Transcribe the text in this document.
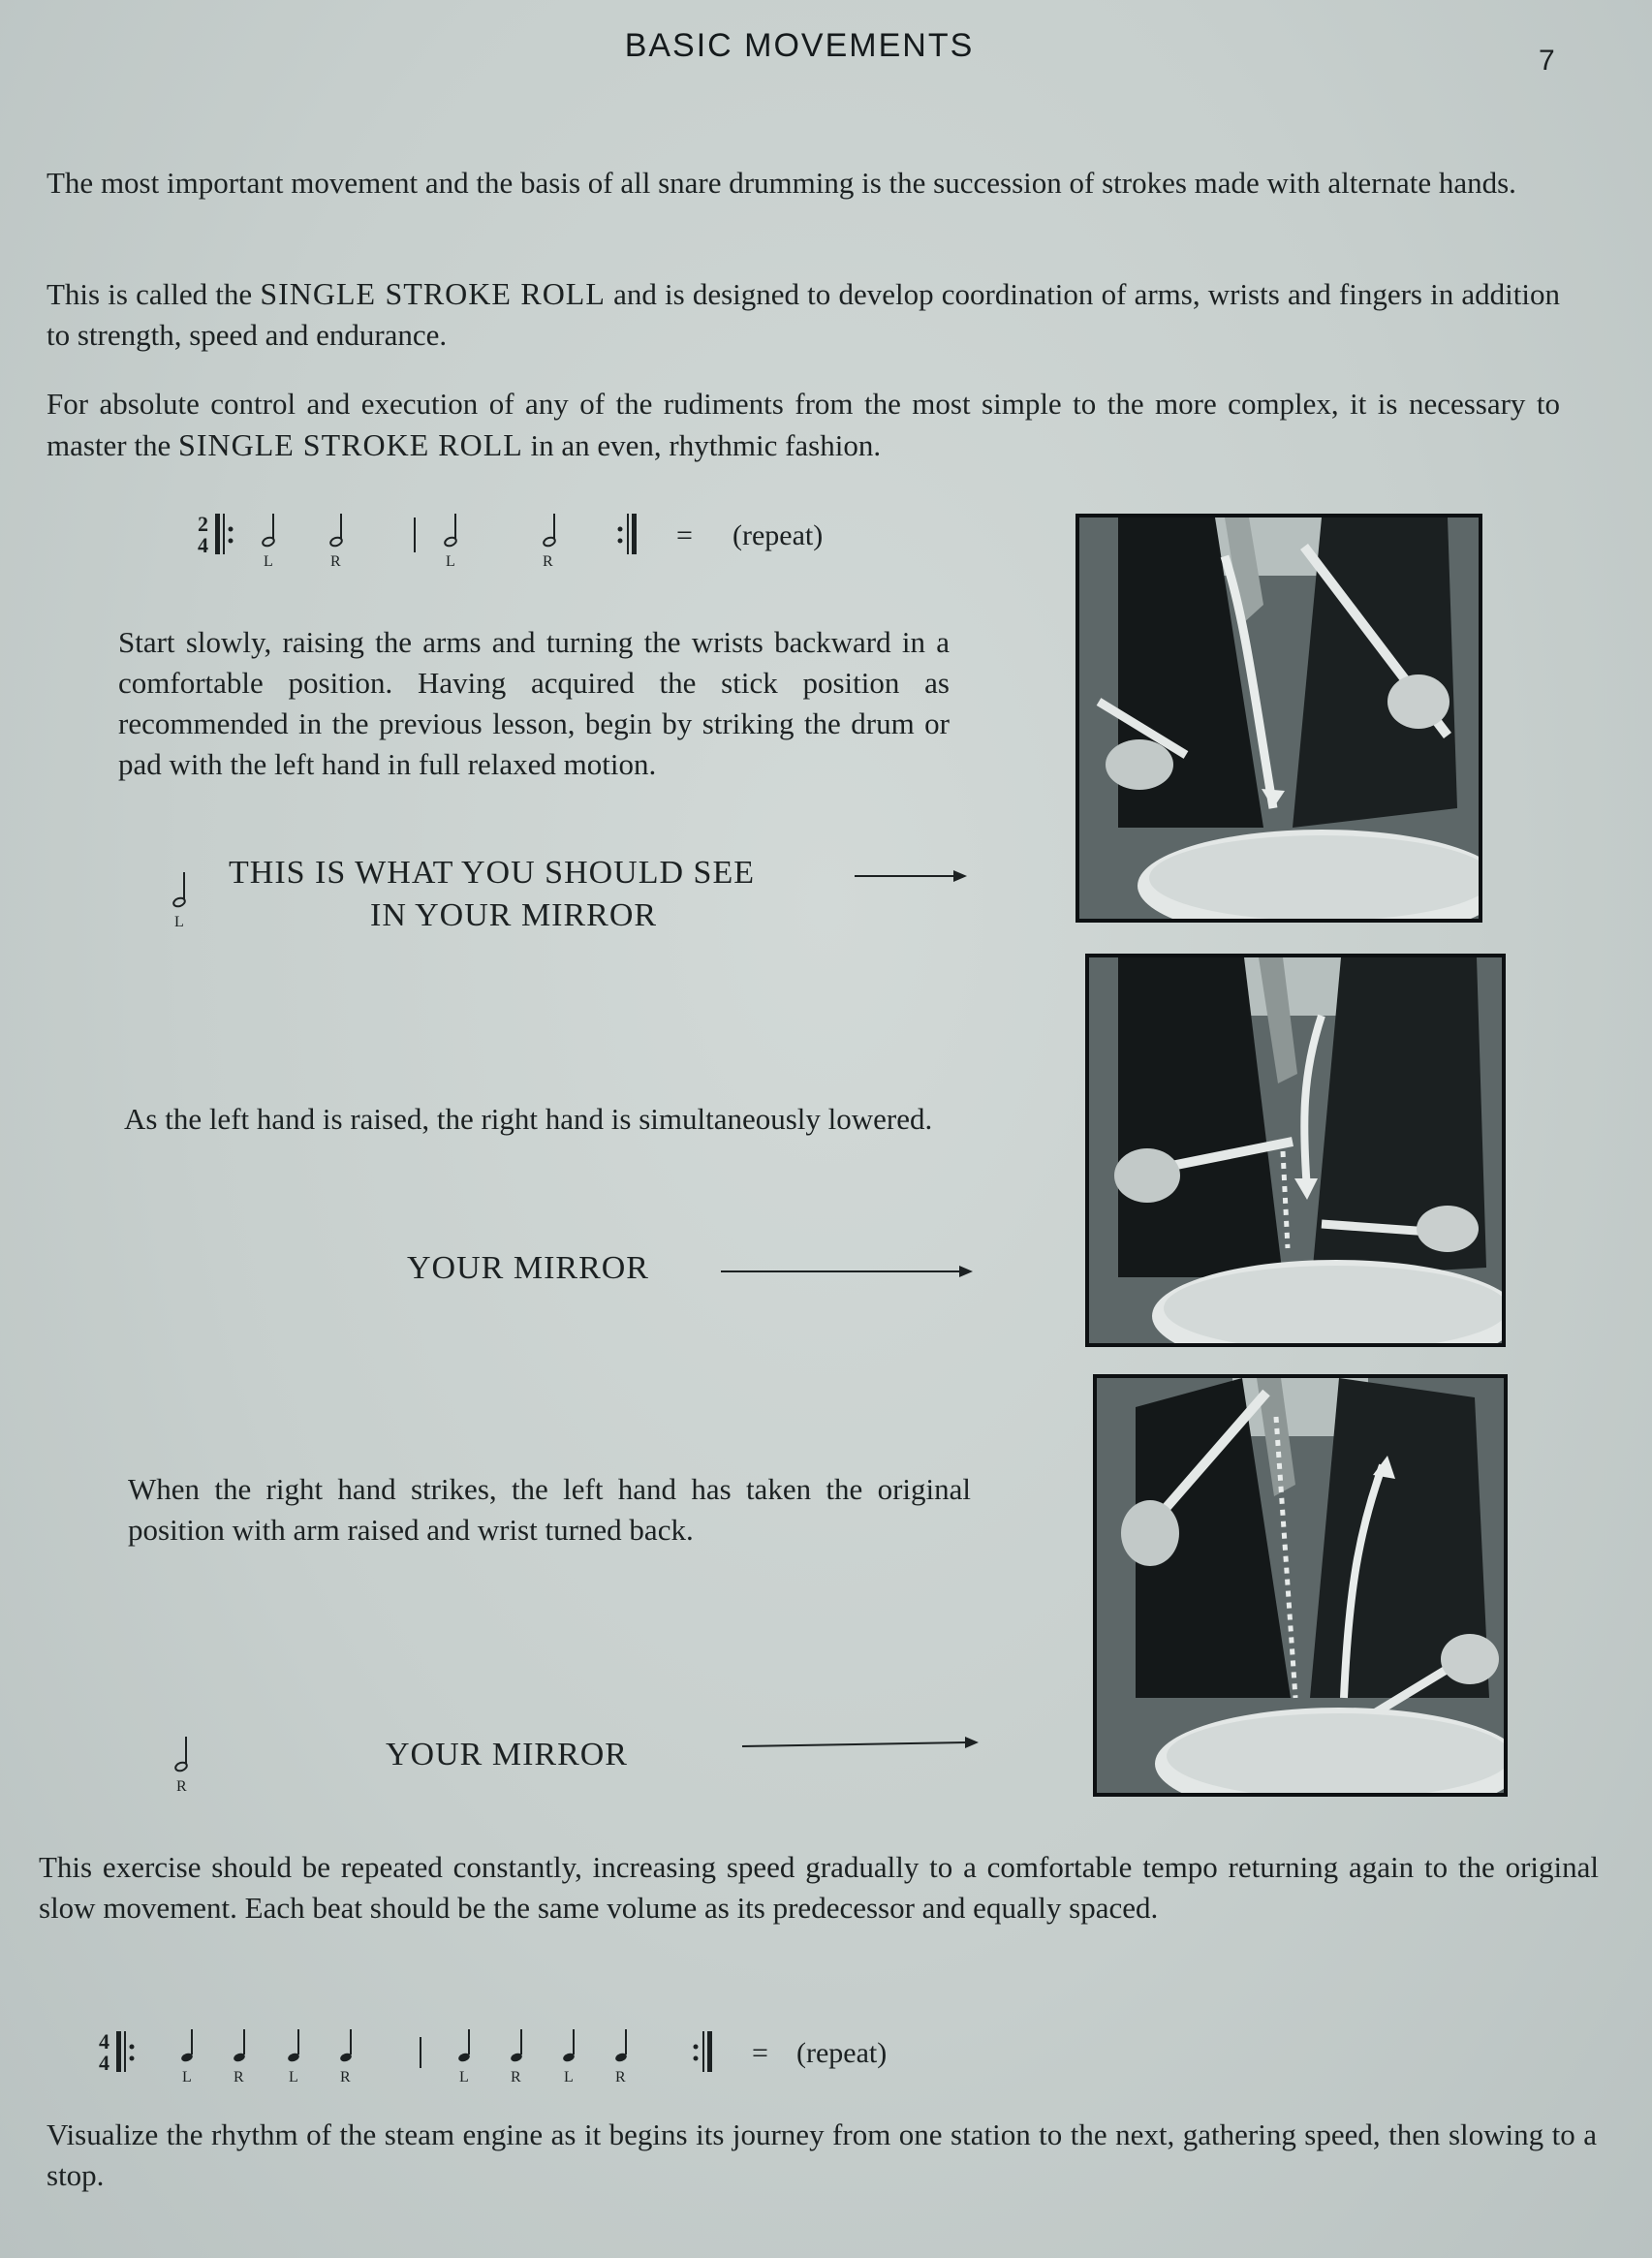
BASIC MOVEMENTS	7
The most important movement and the basis of all snare drumming is the succession of strokes made with alternate hands.
This is called the SINGLE STROKE ROLL and is designed to develop coordination of arms, wrists and fingers in addition to strength, speed and endurance.
For absolute control and execution of any of the rudiments from the most simple to the more complex, it is necessary to master the SINGLE STROKE ROLL in an even, rhythmic fashion.
2
4
L	R	L	R
= (repeat)
Start slowly, raising the arms and turning the wrists backward in a comfortable position. Having acquired the stick position as recommended in the previous lesson, begin by striking the drum or pad with the left hand in full relaxed motion.
L
THIS IS WHAT YOU SHOULD SEE
IN YOUR MIRROR
As the left hand is raised, the right hand is simultaneously lowered.
YOUR MIRROR
When the right hand strikes, the left hand has taken the original position with arm raised and wrist turned back.
R
YOUR MIRROR
This exercise should be repeated constantly, increasing speed gradually to a comfortable tempo returning again to the original slow movement. Each beat should be the same volume as its predecessor and equally spaced.
4
4
L	R	L	R	L	R	L	R
= (repeat)
Visualize the rhythm of the steam engine as it begins its journey from one station to the next, gathering speed, then slowing to a stop.
